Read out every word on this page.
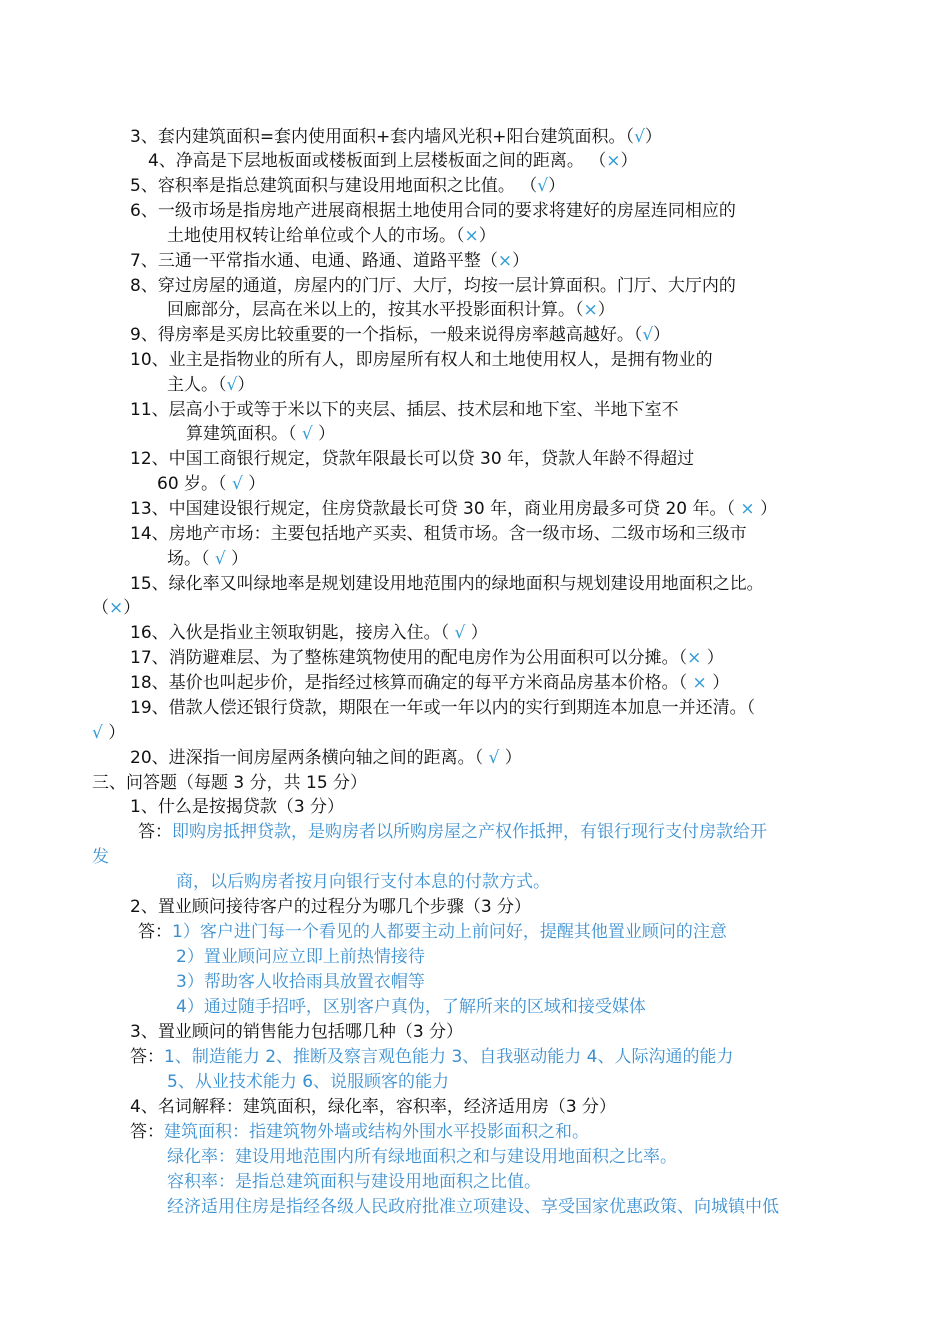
3、套内建筑面积=套内使用面积+套内墙风光积+阳台建筑面积。（√）
4、净高是下层地板面或楼板面到上层楼板面之间的距离。 （×）
5、容积率是指总建筑面积与建设用地面积之比值。 （√）
6、一级市场是指房地产进展商根据土地使用合同的要求将建好的房屋连同相应的
土地使用权转让给单位或个人的市场。（×）
7、三通一平常指水通、电通、路通、道路平整（×）
8、穿过房屋的通道，房屋内的门厅、大厅，均按一层计算面积。门厅、大厅内的
回廊部分，层高在米以上的，按其水平投影面积计算。（×）
9、得房率是买房比较重要的一个指标，一般来说得房率越高越好。（√）
10、业主是指物业的所有人，即房屋所有权人和土地使用权人，是拥有物业的
主人。（√）
11、层高小于或等于米以下的夹层、插层、技术层和地下室、半地下室不
算建筑面积。（ √ ）
12、中国工商银行规定，贷款年限最长可以贷 30 年，贷款人年龄不得超过
60 岁。（ √ ）
13、中国建设银行规定，住房贷款最长可贷 30 年，商业用房最多可贷 20 年。（ × ）
14、房地产市场：主要包括地产买卖、租赁市场。含一级市场、二级市场和三级市
场。（ √ ）
15、绿化率又叫绿地率是规划建设用地范围内的绿地面积与规划建设用地面积之比。
（×）
16、入伙是指业主领取钥匙，接房入住。（ √ ）
17、消防避难层、为了整栋建筑物使用的配电房作为公用面积可以分摊。（× ）
18、基价也叫起步价，是指经过核算而确定的每平方米商品房基本价格。（ × ）
19、借款人偿还银行贷款，期限在一年或一年以内的实行到期连本加息一并还清。（
√ ）
20、进深指一间房屋两条横向轴之间的距离。（ √ ）
三、问答题（每题 3 分，共 15 分）
1、什么是按揭贷款（3 分）
答：即购房抵押贷款，是购房者以所购房屋之产权作抵押，有银行现行支付房款给开
发
商，以后购房者按月向银行支付本息的付款方式。
2、置业顾问接待客户的过程分为哪几个步骤（3 分）
答：1）客户进门每一个看见的人都要主动上前问好，提醒其他置业顾问的注意
2）置业顾问应立即上前热情接待
3）帮助客人收拾雨具放置衣帽等
4）通过随手招呼，区别客户真伪，了解所来的区域和接受媒体
3、置业顾问的销售能力包括哪几种（3 分）
答：1、制造能力 2、推断及察言观色能力 3、自我驱动能力 4、人际沟通的能力
5、从业技术能力 6、说服顾客的能力
4、名词解释：建筑面积，绿化率，容积率，经济适用房（3 分）
答：建筑面积：指建筑物外墙或结构外围水平投影面积之和。
绿化率：建设用地范围内所有绿地面积之和与建设用地面积之比率。
容积率：是指总建筑面积与建设用地面积之比值。
经济适用住房是指经各级人民政府批准立项建设、享受国家优惠政策、向城镇中低
